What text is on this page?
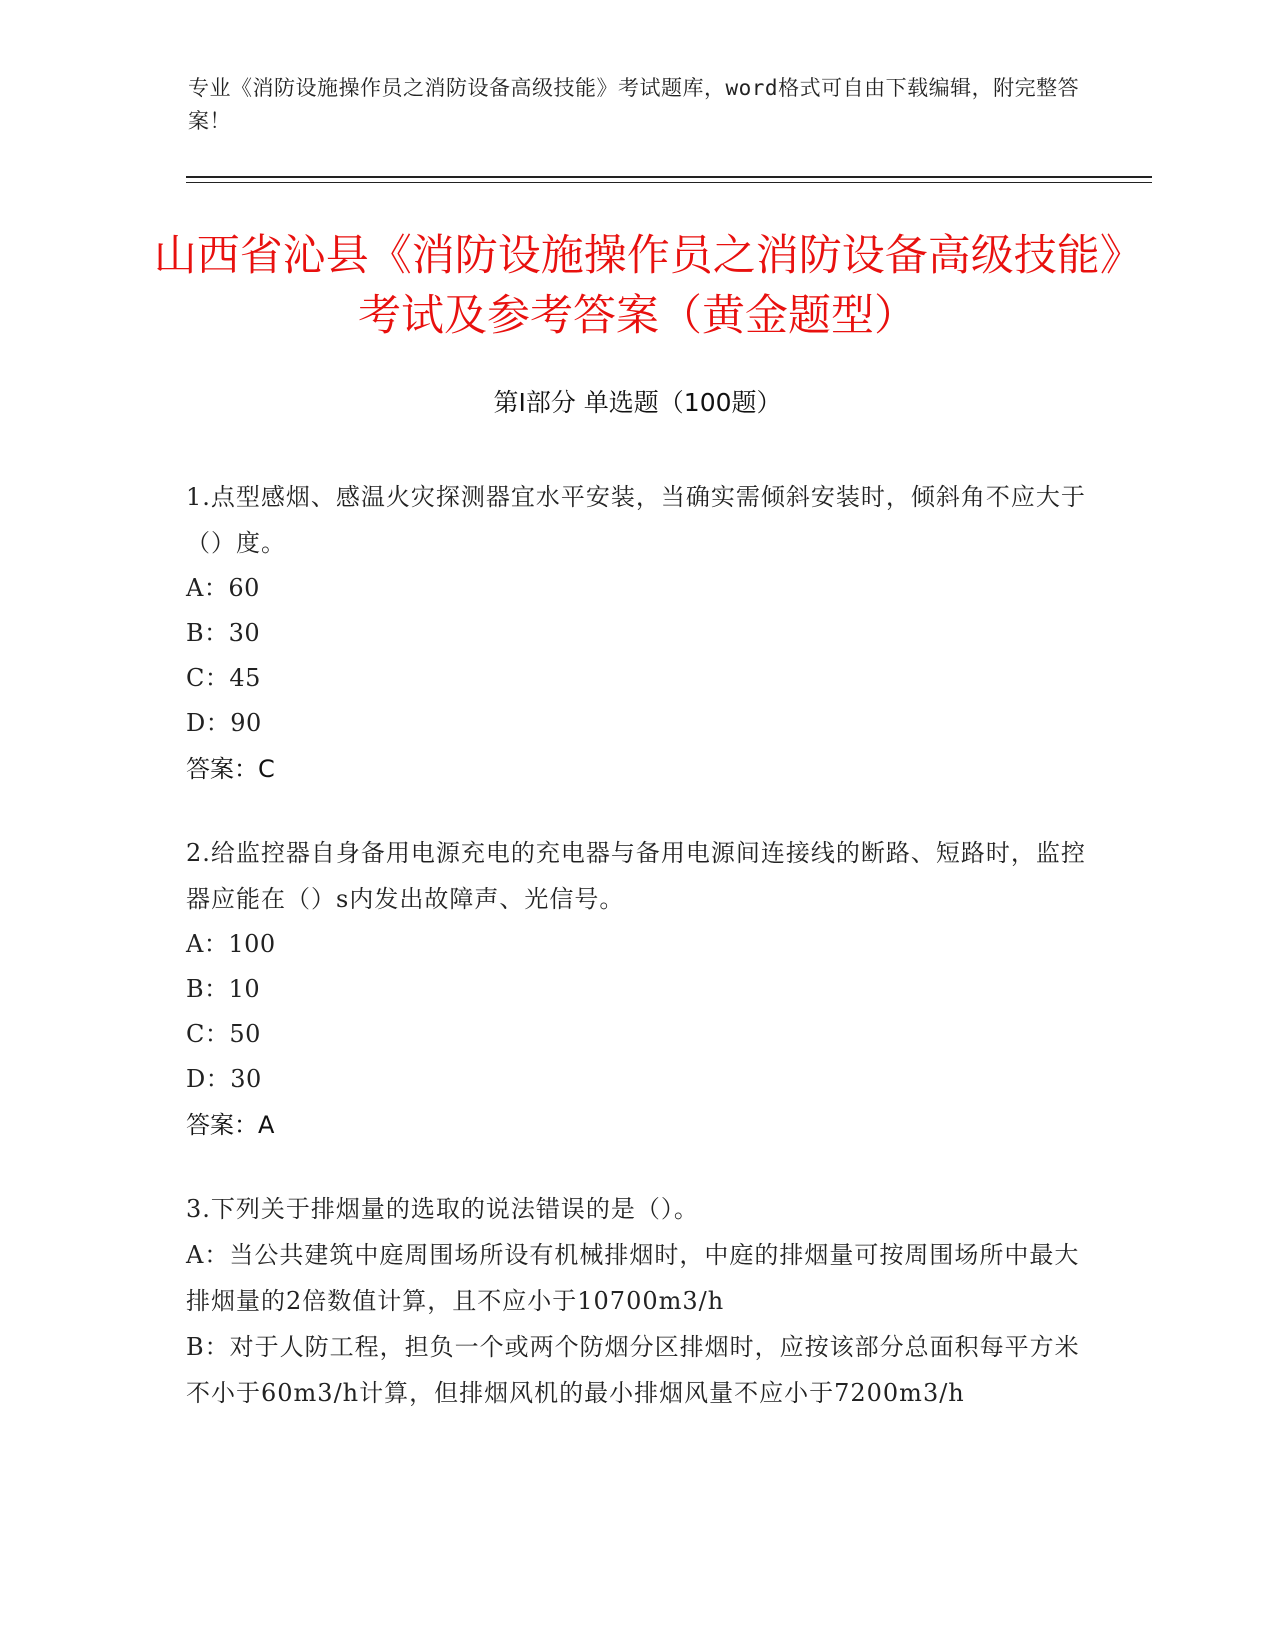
专业《消防设施操作员之消防设备高级技能》考试题库，word格式可自由下载编辑，附完整答案！
山西省沁县《消防设施操作员之消防设备高级技能》考试及参考答案（黄金题型）
第Ⅰ部分 单选题（100题）

1.点型感烟、感温火灾探测器宜水平安装，当确实需倾斜安装时，倾斜角不应大于（）度。

A：60

B：30

C：45

D：90

答案：C

2.给监控器自身备用电源充电的充电器与备用电源间连接线的断路、短路时，监控器应能在（）s内发出故障声、光信号。

A：100

B：10

C：50

D：30

答案：A

3.下列关于排烟量的选取的说法错误的是（）。

A：当公共建筑中庭周围场所设有机械排烟时，中庭的排烟量可按周围场所中最大排烟量的2倍数值计算，且不应小于10700m3/h

B：对于人防工程，担负一个或两个防烟分区排烟时，应按该部分总面积每平方米不小于60m3/h计算，但排烟风机的最小排烟风量不应小于7200m3/h
